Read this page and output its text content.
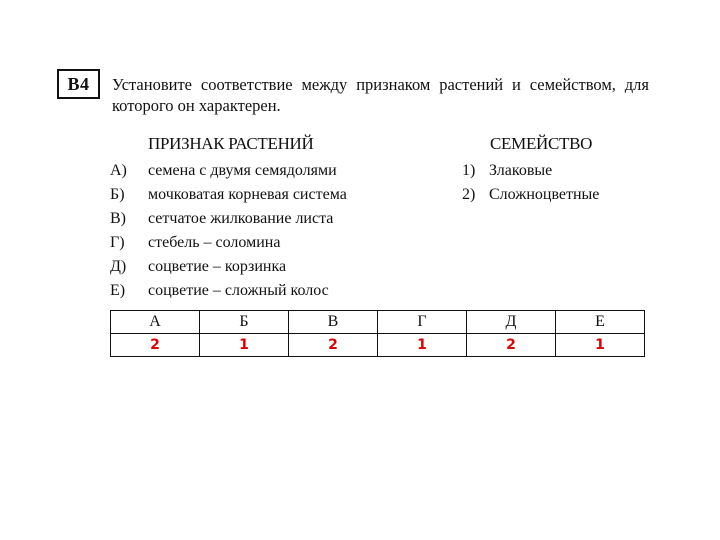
В4	Установите соответствие между признаком растений и семейством, для которого он характерен.
ПРИЗНАК РАСТЕНИЙ	СЕМЕЙСТВО
А) семена с двумя семядолями
Б) мочковатая корневая система
В) сетчатое жилкование листа
Г) стебель – соломина
Д) соцветие – корзинка
Е) соцветие – сложный колос
1) Злаковые
2) Сложноцветные
А	Б	В	Г	Д	Е
2	1	2	1	2	1
